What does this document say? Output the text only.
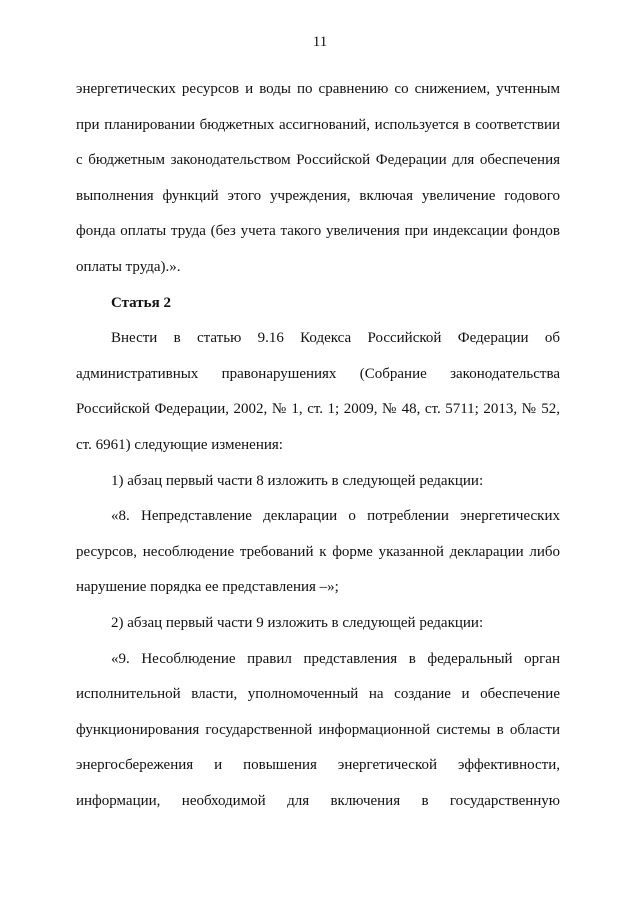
11

энергетических ресурсов и воды по сравнению со снижением, учтенным при планировании бюджетных ассигнований, используется в соответствии с бюджетным законодательством Российской Федерации для обеспечения выполнения функций этого учреждения, включая увеличение годового фонда оплаты труда (без учета такого увеличения при индексации фондов оплаты труда).».

Статья 2

Внести в статью 9.16 Кодекса Российской Федерации об административных правонарушениях (Собрание законодательства Российской Федерации, 2002, № 1, ст. 1; 2009, № 48, ст. 5711; 2013, № 52, ст. 6961) следующие изменения:

1) абзац первый части 8 изложить в следующей редакции:

«8. Непредставление декларации о потреблении энергетических ресурсов, несоблюдение требований к форме указанной декларации либо нарушение порядка ее представления –»;

2) абзац первый части 9 изложить в следующей редакции:

«9. Несоблюдение правил представления в федеральный орган исполнительной власти, уполномоченный на создание и обеспечение функционирования государственной информационной системы в области энергосбережения и повышения энергетической эффективности, информации, необходимой для включения в государственную
